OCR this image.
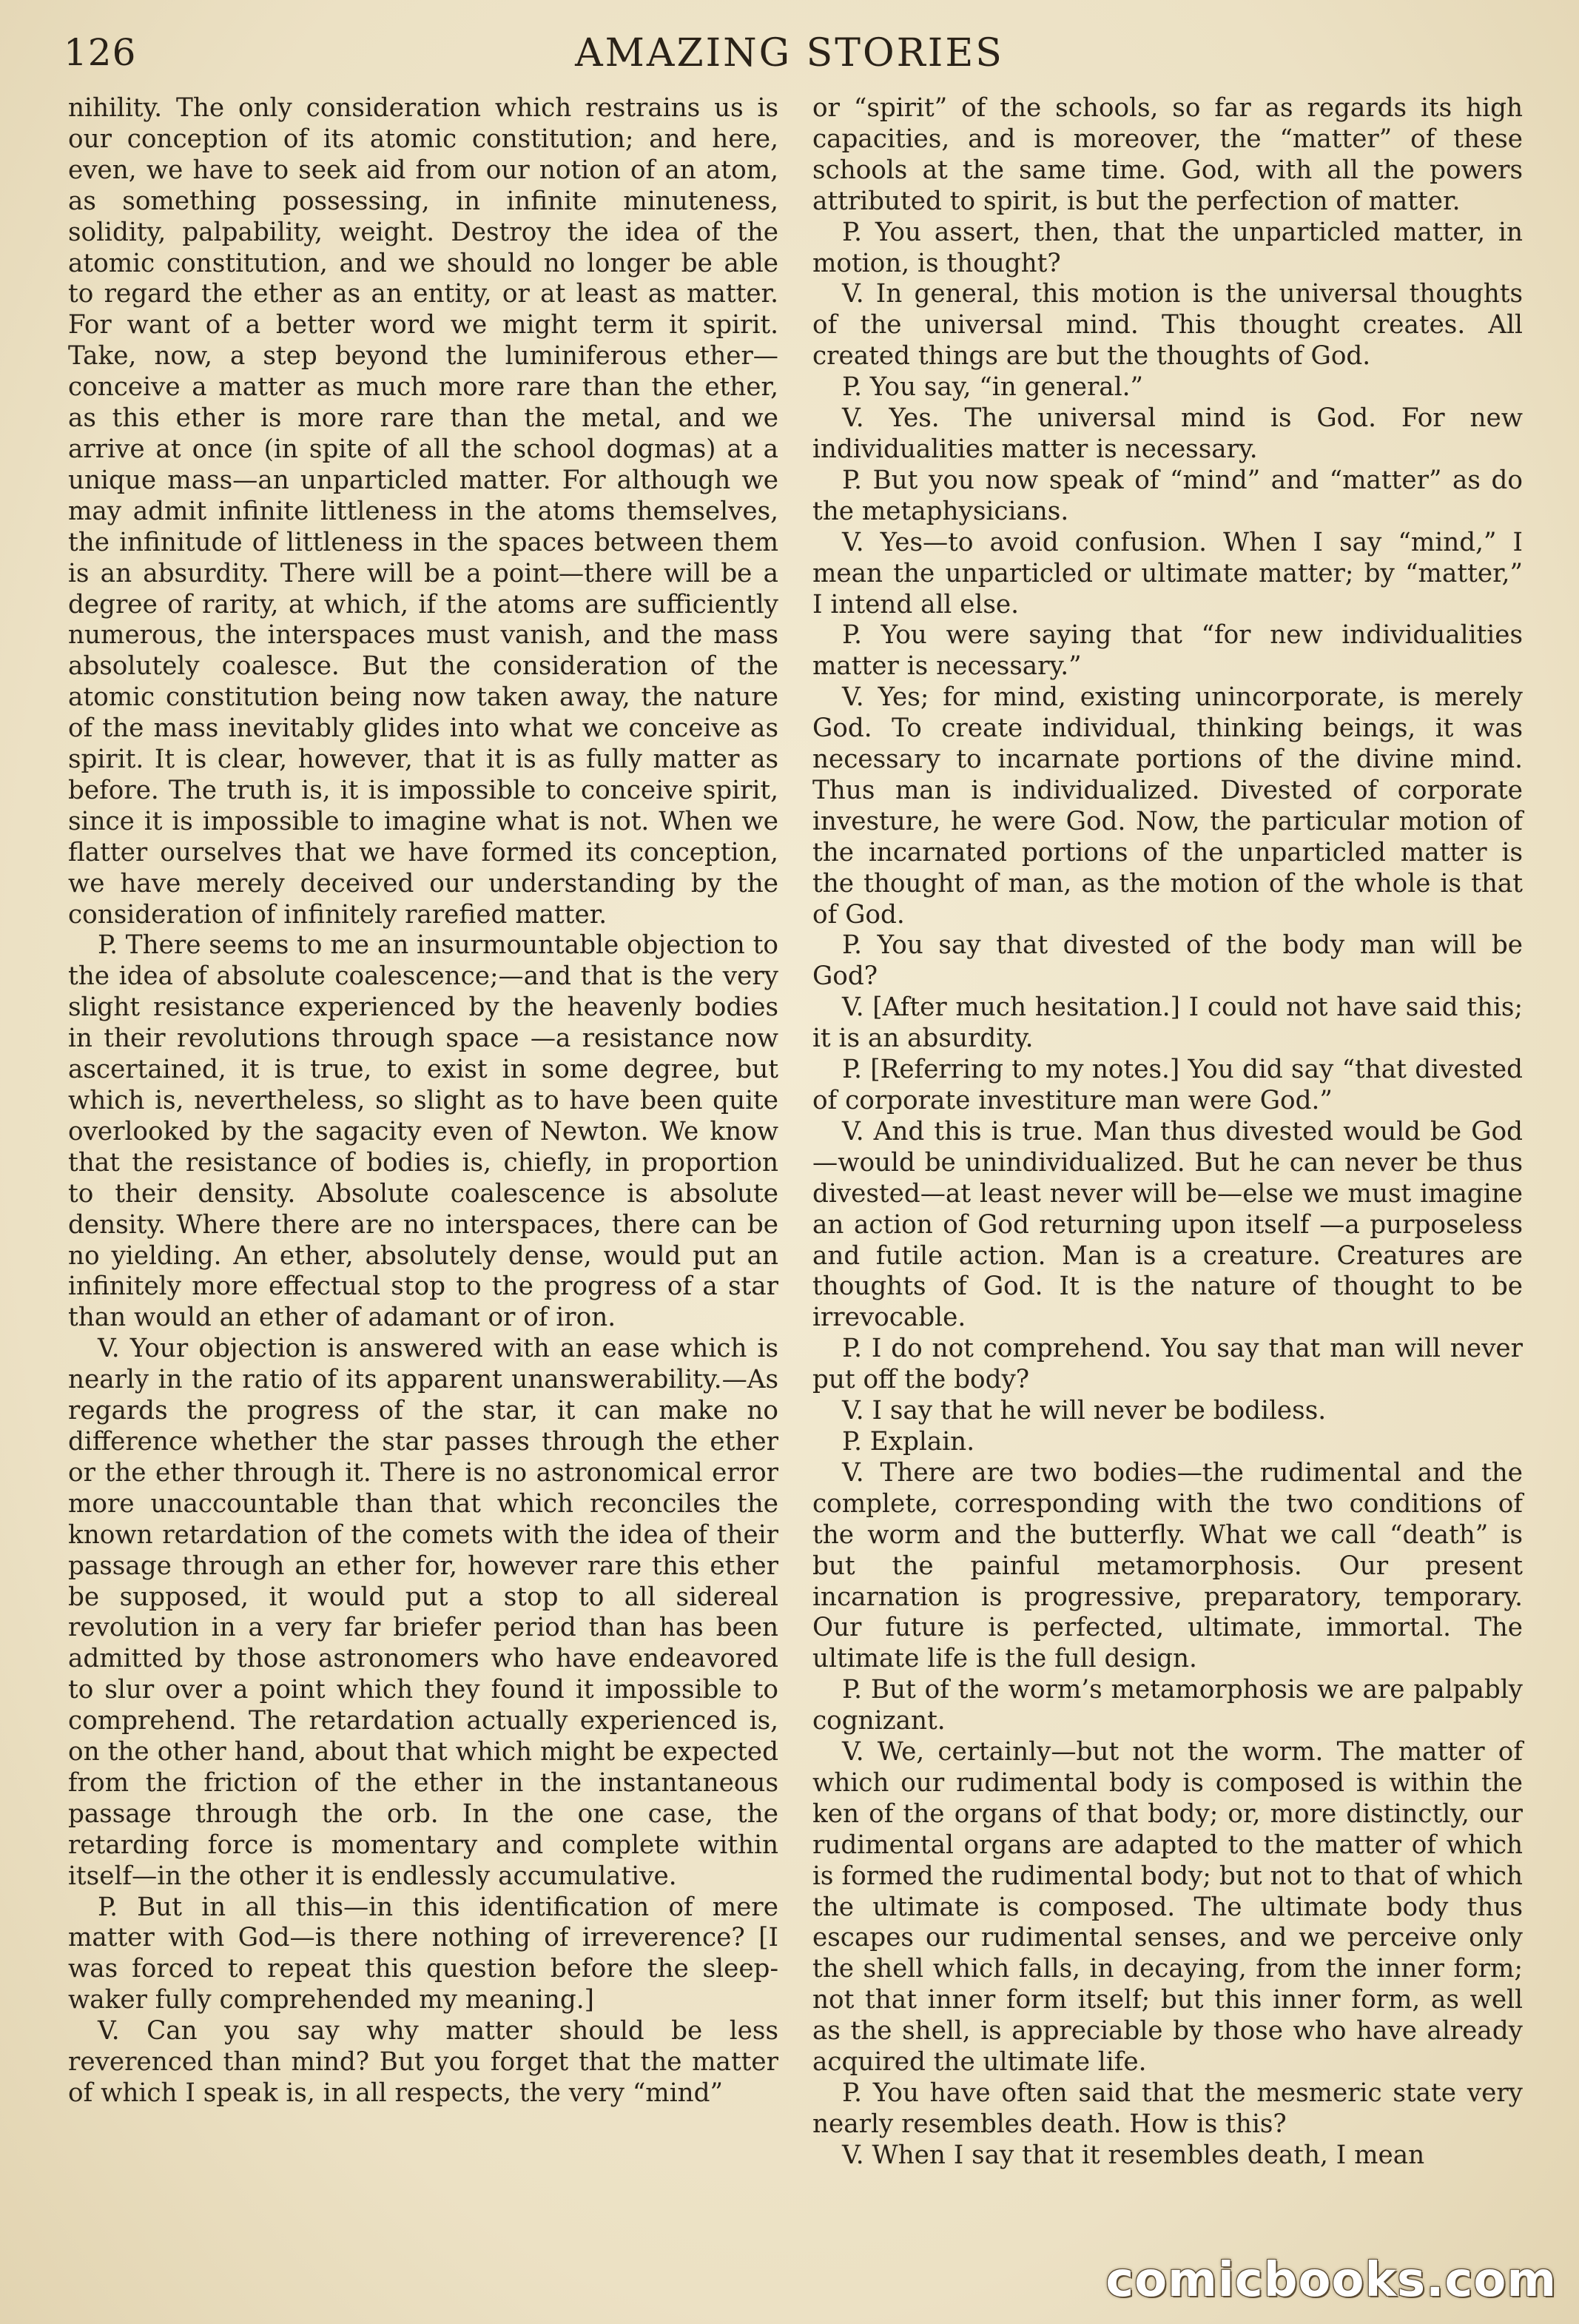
126	AMAZING STORIES

nihility. The only consideration which restrains us is our conception of its atomic constitution; and here, even, we have to seek aid from our notion of an atom, as something possessing, in infinite minuteness, solidity, palpability, weight. Destroy the idea of the atomic constitution, and we should no longer be able to regard the ether as an entity, or at least as matter. For want of a better word we might term it spirit. Take, now, a step beyond the luminiferous ether—conceive a matter as much more rare than the ether, as this ether is more rare than the metal, and we arrive at once (in spite of all the school dogmas) at a unique mass—an unparticled matter. For although we may admit infinite littleness in the atoms themselves, the infinitude of littleness in the spaces between them is an absurdity. There will be a point—there will be a degree of rarity, at which, if the atoms are sufficiently numerous, the interspaces must vanish, and the mass absolutely coalesce. But the consideration of the atomic constitution being now taken away, the nature of the mass inevitably glides into what we conceive as spirit. It is clear, however, that it is as fully matter as before. The truth is, it is impossible to conceive spirit, since it is impossible to imagine what is not. When we flatter ourselves that we have formed its conception, we have merely deceived our understanding by the consideration of infinitely rarefied matter.

P. There seems to me an insurmountable objection to the idea of absolute coalescence;—and that is the very slight resistance experienced by the heavenly bodies in their revolutions through space —a resistance now ascertained, it is true, to exist in some degree, but which is, nevertheless, so slight as to have been quite overlooked by the sagacity even of Newton. We know that the resistance of bodies is, chiefly, in proportion to their density. Absolute coalescence is absolute density. Where there are no interspaces, there can be no yielding. An ether, absolutely dense, would put an infinitely more effectual stop to the progress of a star than would an ether of adamant or of iron.

V. Your objection is answered with an ease which is nearly in the ratio of its apparent unanswerability.—As regards the progress of the star, it can make no difference whether the star passes through the ether or the ether through it. There is no astronomical error more unaccountable than that which reconciles the known retardation of the comets with the idea of their passage through an ether for, however rare this ether be supposed, it would put a stop to all sidereal revolution in a very far briefer period than has been admitted by those astronomers who have endeavored to slur over a point which they found it impossible to comprehend. The retardation actually experienced is, on the other hand, about that which might be expected from the friction of the ether in the instantaneous passage through the orb. In the one case, the retarding force is momentary and complete within itself—in the other it is endlessly accumulative.

P. But in all this—in this identification of mere matter with God—is there nothing of irreverence? [I was forced to repeat this question before the sleep-waker fully comprehended my meaning.]

V. Can you say why matter should be less reverenced than mind? But you forget that the matter of which I speak is, in all respects, the very “mind”

or “spirit” of the schools, so far as regards its high capacities, and is moreover, the “matter” of these schools at the same time. God, with all the powers attributed to spirit, is but the perfection of matter.

P. You assert, then, that the unparticled matter, in motion, is thought?

V. In general, this motion is the universal thoughts of the universal mind. This thought creates. All created things are but the thoughts of God.

P. You say, “in general.”

V. Yes. The universal mind is God. For new individualities matter is necessary.

P. But you now speak of “mind” and “matter” as do the metaphysicians.

V. Yes—to avoid confusion. When I say “mind,” I mean the unparticled or ultimate matter; by “matter,” I intend all else.

P. You were saying that “for new individualities matter is necessary.”

V. Yes; for mind, existing unincorporate, is merely God. To create individual, thinking beings, it was necessary to incarnate portions of the divine mind. Thus man is individualized. Divested of corporate investure, he were God. Now, the particular motion of the incarnated portions of the unparticled matter is the thought of man, as the motion of the whole is that of God.

P. You say that divested of the body man will be God?

V. [After much hesitation.] I could not have said this; it is an absurdity.

P. [Referring to my notes.] You did say “that divested of corporate investiture man were God.”

V. And this is true. Man thus divested would be God—would be unindividualized. But he can never be thus divested—at least never will be—else we must imagine an action of God returning upon itself —a purposeless and futile action. Man is a creature. Creatures are thoughts of God. It is the nature of thought to be irrevocable.

P. I do not comprehend. You say that man will never put off the body?

V. I say that he will never be bodiless.

P. Explain.

V. There are two bodies—the rudimental and the complete, corresponding with the two conditions of the worm and the butterfly. What we call “death” is but the painful metamorphosis. Our present incarnation is progressive, preparatory, temporary. Our future is perfected, ultimate, immortal. The ultimate life is the full design.

P. But of the worm’s metamorphosis we are palpably cognizant.

V. We, certainly—but not the worm. The matter of which our rudimental body is composed is within the ken of the organs of that body; or, more distinctly, our rudimental organs are adapted to the matter of which is formed the rudimental body; but not to that of which the ultimate is composed. The ultimate body thus escapes our rudimental senses, and we perceive only the shell which falls, in decaying, from the inner form; not that inner form itself; but this inner form, as well as the shell, is appreciable by those who have already acquired the ultimate life.

P. You have often said that the mesmeric state very nearly resembles death. How is this?

V. When I say that it resembles death, I mean

comicbooks.com
